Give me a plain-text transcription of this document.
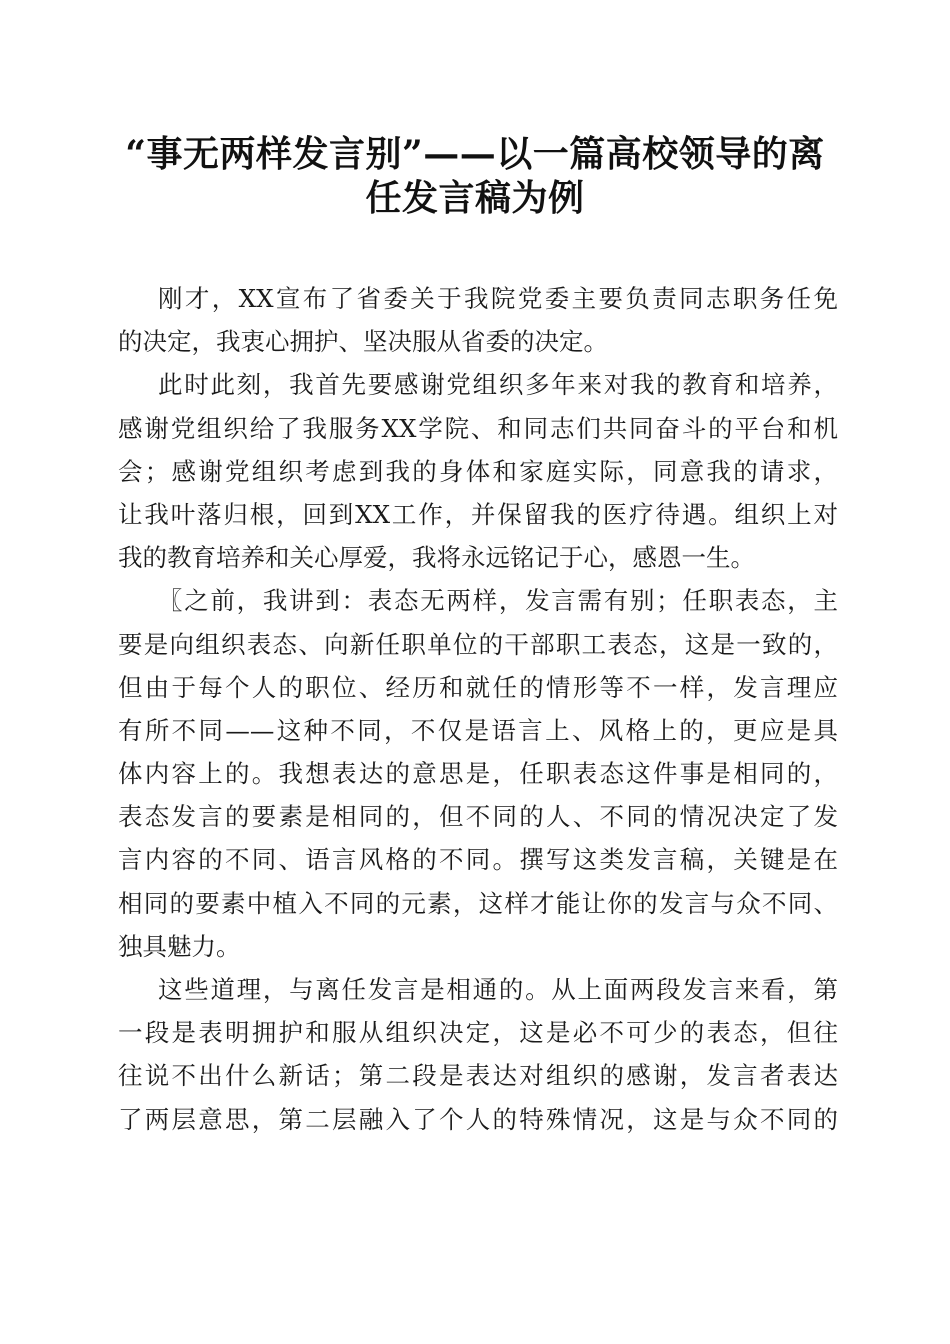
“事无两样发言别”——以一篇高校领导的离
任发言稿为例
刚才，XX宣布了省委关于我院党委主要负责同志职务任免
的决定，我衷心拥护、坚决服从省委的决定。
此时此刻，我首先要感谢党组织多年来对我的教育和培养，
感谢党组织给了我服务XX学院、和同志们共同奋斗的平台和机
会；感谢党组织考虑到我的身体和家庭实际，同意我的请求，
让我叶落归根，回到XX工作，并保留我的医疗待遇。组织上对
我的教育培养和关心厚爱，我将永远铭记于心，感恩一生。
〖之前，我讲到：表态无两样，发言需有别；任职表态，主
要是向组织表态、向新任职单位的干部职工表态，这是一致的，
但由于每个人的职位、经历和就任的情形等不一样，发言理应
有所不同——这种不同，不仅是语言上、风格上的，更应是具
体内容上的。我想表达的意思是，任职表态这件事是相同的，
表态发言的要素是相同的，但不同的人、不同的情况决定了发
言内容的不同、语言风格的不同。撰写这类发言稿，关键是在
相同的要素中植入不同的元素，这样才能让你的发言与众不同、
独具魅力。
这些道理，与离任发言是相通的。从上面两段发言来看，第
一段是表明拥护和服从组织决定，这是必不可少的表态，但往
往说不出什么新话；第二段是表达对组织的感谢，发言者表达
了两层意思，第二层融入了个人的特殊情况，这是与众不同的
